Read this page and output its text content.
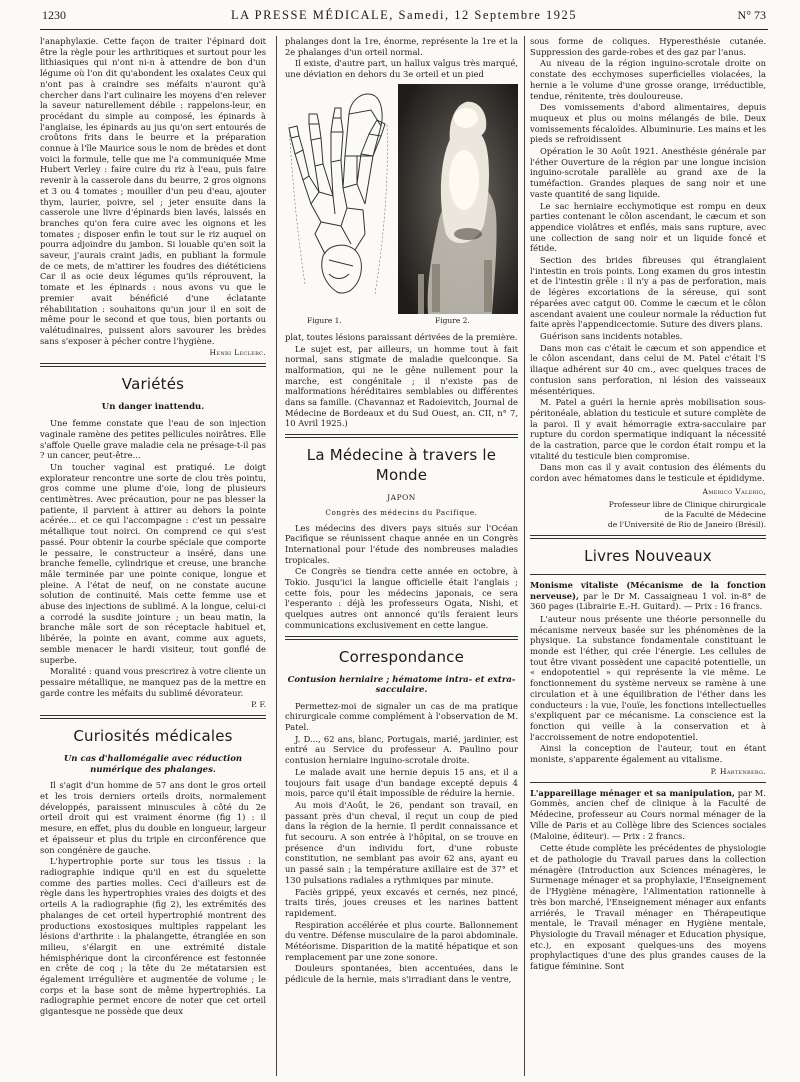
1230	LA PRESSE MÉDICALE, Samedi, 12 Septembre 1925	N° 73

l'anaphylaxie. Cette façon de traiter l'épinard doit être la règle pour les arthritiques et surtout pour les lithiasiques qui n'ont ni-n à attendre de bon d'un légume où l'on dit qu'abondent les oxalates Ceux qui n'ont pas à craindre ses méfaits n'auront qu'à chercher dans l'art culinaire les moyens d'en relever la saveur naturellement débile : rappelons-leur, en procédant du simple au composé, les épinards à l'anglaise, les épinards au jus qu'on sert entourés de croûtons frits dans le beurre et la préparation connue à l'île Maurice sous le nom de brèdes et dont voici la formule, telle que me l'a communiquée Mme Hubert Verley : faire cuire du riz à l'eau, puis faire revenir à la casserole dans du beurre, 2 gros oignons et 3 ou 4 tomates ; mouiller d'un peu d'eau, ajouter thym, laurier, poivre, sel ; jeter ensuite dans la casserole une livre d'épinards bien lavés, laissés en branches qu'on fera cuire avec les oignons et les tomates ; disposer enfin le tout sur le riz auquel on pourra adjoindre du jambon. Si louable qu'en soit la saveur, j'aurais craint jadis, en publiant la formule de ce mets, de m'attirer les foudres des diététiciens Car il as ocie deux légumes qu'ils réprouvent, la tomate et les épinards : nous avons vu que le premier avait bénéficié d'une éclatante réhabilitation : souhaitons qu'un jour il en soit de même pour le second et que tous, bien portants ou valétudinaires, puissent alors savourer les brèdes sans s'exposer à pécher contre l'hygiène.

Henri Leclerc.
Variétés
Un danger inattendu.

Une femme constate que l'eau de son injection vaginale ramène des petites pellicules noirâtres. Elle s'affole Quelle grave maladie cela ne présage-t-il pas ? un cancer, peut-être...

Un toucher vaginal est pratiqué. Le doigt explorateur rencontre une sorte de clou très pointu, gros comme une plume d'oie, long de plusieurs centimètres. Avec précaution, pour ne pas blesser la patiente, il parvient à attirer au dehors la pointe acérée... et ce qui l'accompagne : c'est un pessaire métallique tout noirci. On comprend ce qui s'est passé. Pour obtenir la courbe spéciale que comporte le pessaire, le constructeur a inséré, dans une branche femelle, cylindrique et creuse, une branche mâle terminée par une pointe conique, longue et pleine. A l'état de neuf, on ne constate aucune solution de continuité. Mais cette femme use et abuse des injections de sublimé. A la longue, celui-ci a corrodé la susdite jointure ; un beau matin, la branche mâle sort de son réceptacle habituel et, libérée, la pointe en avant, comme aux aguets, semble menacer le hardi visiteur, tout gonflé de superbe.

Moralité : quand vous prescrirez à votre cliente un pessaire métallique, ne manquez pas de la mettre en garde contre les méfaits du sublimé dévorateur.

P. F.
Curiosités médicales
Un cas d'hallomégalie avec réduction numérique des phalanges.

Il s'agit d'un homme de 57 ans dont le gros orteil et les trois derniers orteils droits, normalement développés, paraissent minuscules à côté du 2e orteil droit qui est vraiment énorme (fig 1) : il mesure, en effet, plus du double en longueur, largeur et épaisseur et plus du triple en circonférence que son congénère de gauche.

L'hypertrophie porte sur tous les tissus : la radiographie indique qu'il en est du squelette comme des parties molles. Ceci d'ailleurs est de règle dans les hypertrophies vraies des doigts et des orteils A la radiographie (fig 2), les extrémités des phalanges de cet orteil hypertrophié montrent des productions exostosiques multiples rappelant les lésions d'arthrite : la phalangette, étranglée en son milieu, s'élargit en une extrémité distale hémisphérique dont la circonférence est festonnée en crête de coq ; la tête du 2e métatarsien est également irrégulière et augmentée de volume ; le corps et la base sont de même hypertrophiés. La radiographie permet encore de noter que cet orteil gigantesque ne possède que deux

phalanges dont la 1re, énorme, représente la 1re et la 2e phalanges d'un orteil normal.

Il existe, d'autre part, un hallux valgus très marqué, une déviation en dehors du 3e orteil et un pied

Figure 1.	Figure 2.

plat, toutes lésions paraissant dérivées de la première.

Le sujet est, par ailleurs, un homme tout à fait normal, sans stigmate de maladie quelconque. Sa malformation, qui ne le gêne nullement pour la marche, est congénitale ; il n'existe pas de malformations héréditaires semblables ou différentes dans sa famille. (Chavannaz et Radoievitch, Journal de Médecine de Bordeaux et du Sud Ouest, an. CII, n° 7, 10 Avril 1925.)

La Médecine à travers le Monde
JAPON
Congrès des médecins du Pacifique.

Les médecins des divers pays situés sur l'Océan Pacifique se réunissent chaque année en un Congrès International pour l'étude des nombreuses maladies tropicales.

Ce Congrès se tiendra cette année en octobre, à Tokio. Jusqu'ici la langue officielle était l'anglais ; cette fois, pour les médecins japonais, ce sera l'esperanto : déjà les professeurs Ogata, Nishi, et quelques autres ont annoncé qu'ils feraient leurs communications exclusivement en cette langue.

Correspondance
Contusion herniaire ; hématome intra- et extra-sacculaire.

Permettez-moi de signaler un cas de ma pratique chirurgicale comme complément à l'observation de M. Patel.

J. D..., 62 ans, blanc, Portugais, marié, jardinier, est entré au Service du professeur A. Paulino pour contusion herniaire inguino-scrotale droite.

Le malade avait une hernie depuis 15 ans, et il a toujours fait usage d'un bandage excepté depuis 4 mois, parce qu'il était impossible de réduire la hernie.

Au mois d'Août, le 26, pendant son travail, en passant près d'un cheval, il reçut un coup de pied dans la région de la hernie. Il perdit connaissance et fut secouru. A son entrée à l'hôpital, on se trouve en présence d'un individu fort, d'une robuste constitution, ne semblant pas avoir 62 ans, ayant eu un passé sain ; la température axillaire est de 37° et 130 pulsations radiales a rythmiques par minute.

Faciès grippé, yeux excavés et cernés, nez pincé, traits tirés, joues creuses et les narines battent rapidement.

Respiration accélérée et plus courte. Ballonnement du ventre. Défense musculaire de la paroi abdominale. Météorisme. Disparition de la matité hépatique et son remplacement par une zone sonore.

Douleurs spontanées, bien accentuées, dans le pédicule de la hernie, mais s'irradiant dans le ventre,

sous forme de coliques. Hyperesthésie cutanée. Suppression des garde-robes et des gaz par l'anus.

Au niveau de la région inguino-scrotale droite on constate des ecchymoses superficielles violacées, la hernie a le volume d'une grosse orange, irréductible, tendue, rénitente, très douloureuse.

Des vomissements d'abord alimentaires, depuis muqueux et plus ou moins mélangés de bile. Deux vomissements fécaloïdes. Albuminurie. Les mains et les pieds se refroidissent

Opération le 30 Août 1921. Anesthésie générale par l'éther Ouverture de la région par une longue incision inguino-scrotale parallèle au grand axe de la tuméfaction. Grandes plaques de sang noir et une vaste quantité de sang liquide.

Le sac herniaire ecchymotique est rompu en deux parties contenant le côlon ascendant, le cæcum et son appendice violâtres et enflés, mais sans rupture, avec une collection de sang noir et un liquide foncé et fétide.

Section des brides fibreuses qui étranglaient l'intestin en trois points. Long examen du gros intestin et de l'intestin grêle : il n'y a pas de perforation, mais de légères excoriations de la séreuse, qui sont réparées avec catgut 00. Comme le cæcum et le côlon ascendant avaient une couleur normale la réduction fut faite après l'appendicectomie. Suture des divers plans.

Guérison sans incidents notables.

Dans mon cas c'était le cæcum et son appendice et le côlon ascendant, dans celui de M. Patel c'était l'S iliaque adhérent sur 40 cm., avec quelques traces de contusion sans perforation, ni lésion des vaisseaux mésentériques.

M. Patel a guéri la hernie après mobilisation sous-péritonéale, ablation du testicule et suture complète de la paroi. Il y avait hémorragie extra-sacculaire par rupture du cordon spermatique indiquant la nécessité de la castration, parce que le cordon était rompu et la vitalité du testicule bien compromise.

Dans mon cas il y avait contusion des éléments du cordon avec hématomes dans le testicule et épididyme.

Americo Valerio,
Professeur libre de Clinique chirurgicale
de la Faculté de Médecine
de l'Université de Rio de Janeiro (Brésil).
Livres Nouveaux

Monisme vitaliste (Mécanisme de la fonction nerveuse), par le Dr M. Cassaigneau 1 vol. in-8° de 360 pages (Librairie E.-H. Guitard). — Prix : 16 francs.

L'auteur nous présente une théorie personnelle du mécanisme nerveux basée sur les phénomènes de la physique. La substance fondamentale constituant le monde est l'éther, qui crée l'énergie. Les cellules de tout être vivant possèdent une capacité potentielle, un « endopotentiel » qui représente la vie même. Le fonctionnement du système nerveux se ramène à une circulation et à une équilibration de l'éther dans les conducteurs : la vue, l'ouïe, les fonctions intellectuelles s'expliquent par ce mécanisme. La conscience est la fonction qui veille à la conservation et à l'accroissement de notre endopotentiel.

Ainsi la conception de l'auteur, tout en étant moniste, s'apparente également au vitalisme.

P. Hartenberg.

L'appareillage ménager et sa manipulation, par M. Gommès, ancien chef de clinique à la Faculté de Médecine, professeur au Cours normal ménager de la Ville de Paris et au Collège libre des Sciences sociales (Maloine, éditeur). — Prix : 2 francs.

Cette étude complète les précédentes de physiologie et de pathologie du Travail parues dans la collection ménagère (Introduction aux Sciences ménagères, le Surmenage ménager et sa prophylaxie, l'Enseignement de l'Hygiène ménagère, l'Alimentation rationnelle à très bon marché, l'Enseignement ménager aux enfants arriérés, le Travail ménager en Thérapeutique mentale, le Travail ménager en Hygiène mentale, Physiologie du Travail ménager et Education physique, etc.), en exposant quelques-uns des moyens prophylactiques d'une des plus grandes causes de la fatigue féminine. Sont
